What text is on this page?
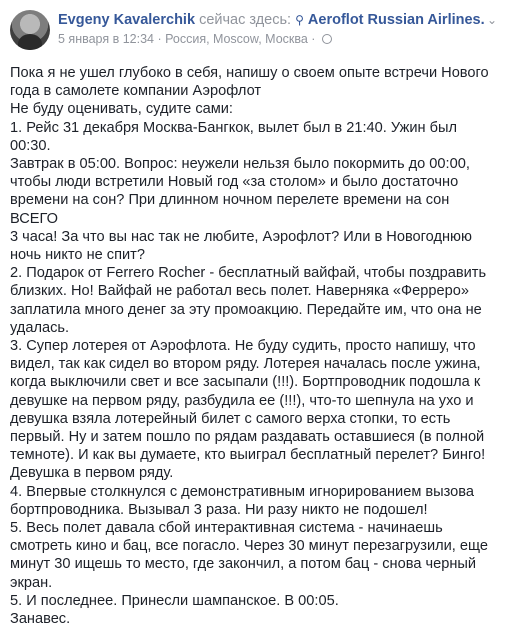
Evgeny Kavalerchik сейчас здесь: ⚲ Aeroflot Russian Airlines.
5 января в 12:34 · Россия, Moscow, Москва ·
⌄

Пока я не ушел глубоко в себя, напишу о своем опыте встречи Нового

года в самолете компании Аэрофлот

Не буду оценивать, судите сами:

1. Рейс 31 декабря Москва-Бангкок, вылет был в 21:40. Ужин был 00:30.

Завтрак в 05:00. Вопрос: неужели нельзя было покормить до 00:00,

чтобы люди встретили Новый год «за столом» и было достаточно

времени на сон? При длинном ночном перелете времени на сон ВСЕГО

3 часа! За что вы нас так не любите, Аэрофлот? Или в Новогоднюю

ночь никто не спит?

2. Подарок от Ferrero Rocher - бесплатный вайфай, чтобы поздравить

близких. Но! Вайфай не работал весь полет. Наверняка «Ферреро»

заплатила много денег за эту промоакцию. Передайте им, что она не

удалась.

3. Супер лотерея от Аэрофлота. Не буду судить, просто напишу, что

видел, так как сидел во втором ряду. Лотерея началась после ужина,

когда выключили свет и все засыпали (!!!). Бортпроводник подошла к

девушке на первом ряду, разбудила ее (!!!), что-то шепнула на ухо и

девушка взяла лотерейный билет с самого верха стопки, то есть

первый. Ну и затем пошло по рядам раздавать оставшиеся (в полной

темноте). И как вы думаете, кто выиграл бесплатный перелет? Бинго!

Девушка в первом ряду.

4. Впервые столкнулся с демонстративным игнорированием вызова

бортпроводника. Вызывал 3 раза. Ни разу никто не подошел!

5. Весь полет давала сбой интерактивная система - начинаешь

смотреть кино и бац, все погасло. Через 30 минут перезагрузили, еще

минут 30 ищешь то место, где закончил, а потом бац - снова черный

экран.

5. И последнее. Принесли шампанское. В 00:05.

Занавес.
